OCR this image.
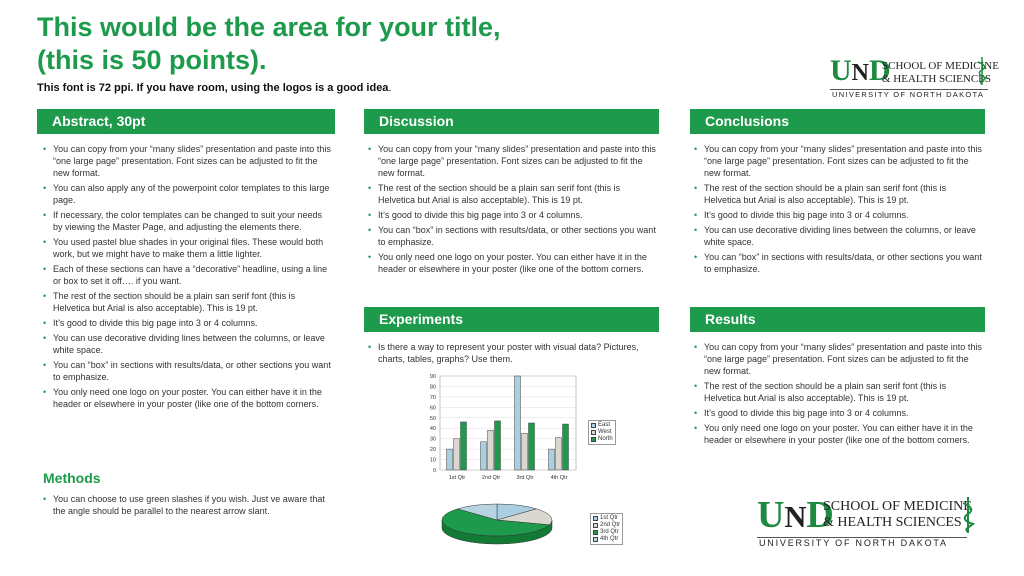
This would be the area for your title,
(this is 50 points).
This font is 72 ppi. If you have room, using the logos is a good idea.
UND
SCHOOL OF MEDICINE
& HEALTH SCIENCES
UNIVERSITY OF NORTH DAKOTA
Abstract, 30pt
• You can copy from your “many slides” presentation and paste into this “one large page” presentation. Font sizes can be adjusted to fit the new format.
• You can also apply any of the powerpoint color templates to this large page.
• If necessary, the color templates can be changed to suit your needs by viewing the Master Page, and adjusting the elements there.
• You used pastel blue shades in your original files. These would both work, but we might have to make them a little lighter.
• Each of these sections can have a “decorative” headline, using a line or box to set it off…. if you want.
• The rest of the section should be a plain san serif font (this is Helvetica but Arial is also acceptable). This is 19 pt.
• It’s good to divide this big page into 3 or 4 columns.
• You can use decorative dividing lines between the columns, or leave white space.
• You can “box” in sections with results/data, or other sections you want to emphasize.
• You only need one logo on your poster. You can either have it in the header or elsewhere in your poster (like one of the bottom corners.
Methods
• You can choose to use green slashes if you wish. Just ve aware that the angle should be parallel to the nearest arrow slant.
Discussion
• You can copy from your “many slides” presentation and paste into this “one large page” presentation. Font sizes can be adjusted to fit the new format.
• The rest of the section should be a plain san serif font (this is Helvetica but Arial is also acceptable). This is 19 pt.
• It’s good to divide this big page into 3 or 4 columns.
• You can “box” in sections with results/data, or other sections you want to emphasize.
• You only need one logo on your poster. You can either have it in the header or elsewhere in your poster (like one of the bottom corners.
Experiments
• Is there a way to represent your poster with visual data? Pictures, charts, tables, graphs? Use them.
0
10
20
30
40
50
60
70
80
90
1st Qtr	2nd Qtr	3rd Qtr	4th Qtr
East
West
North
1st Qtr
2nd Qtr
3rd Qtr
4th Qtr
Conclusions
• You can copy from your “many slides” presentation and paste into this “one large page” presentation. Font sizes can be adjusted to fit the new format.
• The rest of the section should be a plain san serif font (this is Helvetica but Arial is also acceptable). This is 19 pt.
• It’s good to divide this big page into 3 or 4 columns.
• You can use decorative dividing lines between the columns, or leave white space.
• You can “box” in sections with results/data, or other sections you want to emphasize.
Results
• You can copy from your “many slides” presentation and paste into this “one large page” presentation. Font sizes can be adjusted to fit the new format.
• The rest of the section should be a plain san serif font (this is Helvetica but Arial is also acceptable). This is 19 pt.
• It’s good to divide this big page into 3 or 4 columns.
• You only need one logo on your poster. You can either have it in the header or elsewhere in your poster (like one of the bottom corners.
UND
SCHOOL OF MEDICINE
& HEALTH SCIENCES
UNIVERSITY OF NORTH DAKOTA
